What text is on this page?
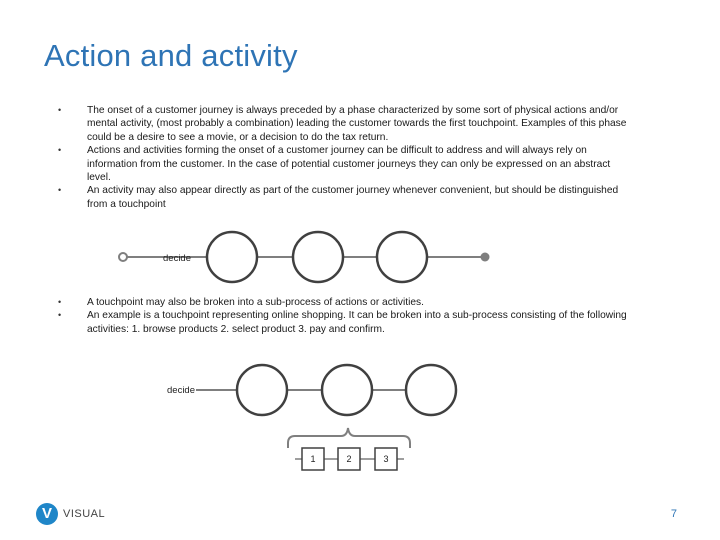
Action and activity

•	The onset of a customer journey is always preceded by a phase characterized by some sort of physical actions and/or mental activity, (most probably a combination) leading the customer towards the first touchpoint. Examples of this phase could be a desire to see a movie, or a decision to do the tax return.

•	Actions and activities forming the onset of a customer journey can be difficult to address and will always rely on information from the customer. In the case of potential customer journeys they can only be expressed on an abstract level.

•	An activity may also appear directly as part of the customer journey whenever convenient, but should be distinguished from a touchpoint

•	A touchpoint may also be broken into a sub-process of actions or activities.

•	An example is a touchpoint representing online shopping. It can be broken into a sub-process consisting of the following activities: 1. browse products 2. select product 3. pay and confirm.

decide
decide
1	2	3
V	VISUAL	7
